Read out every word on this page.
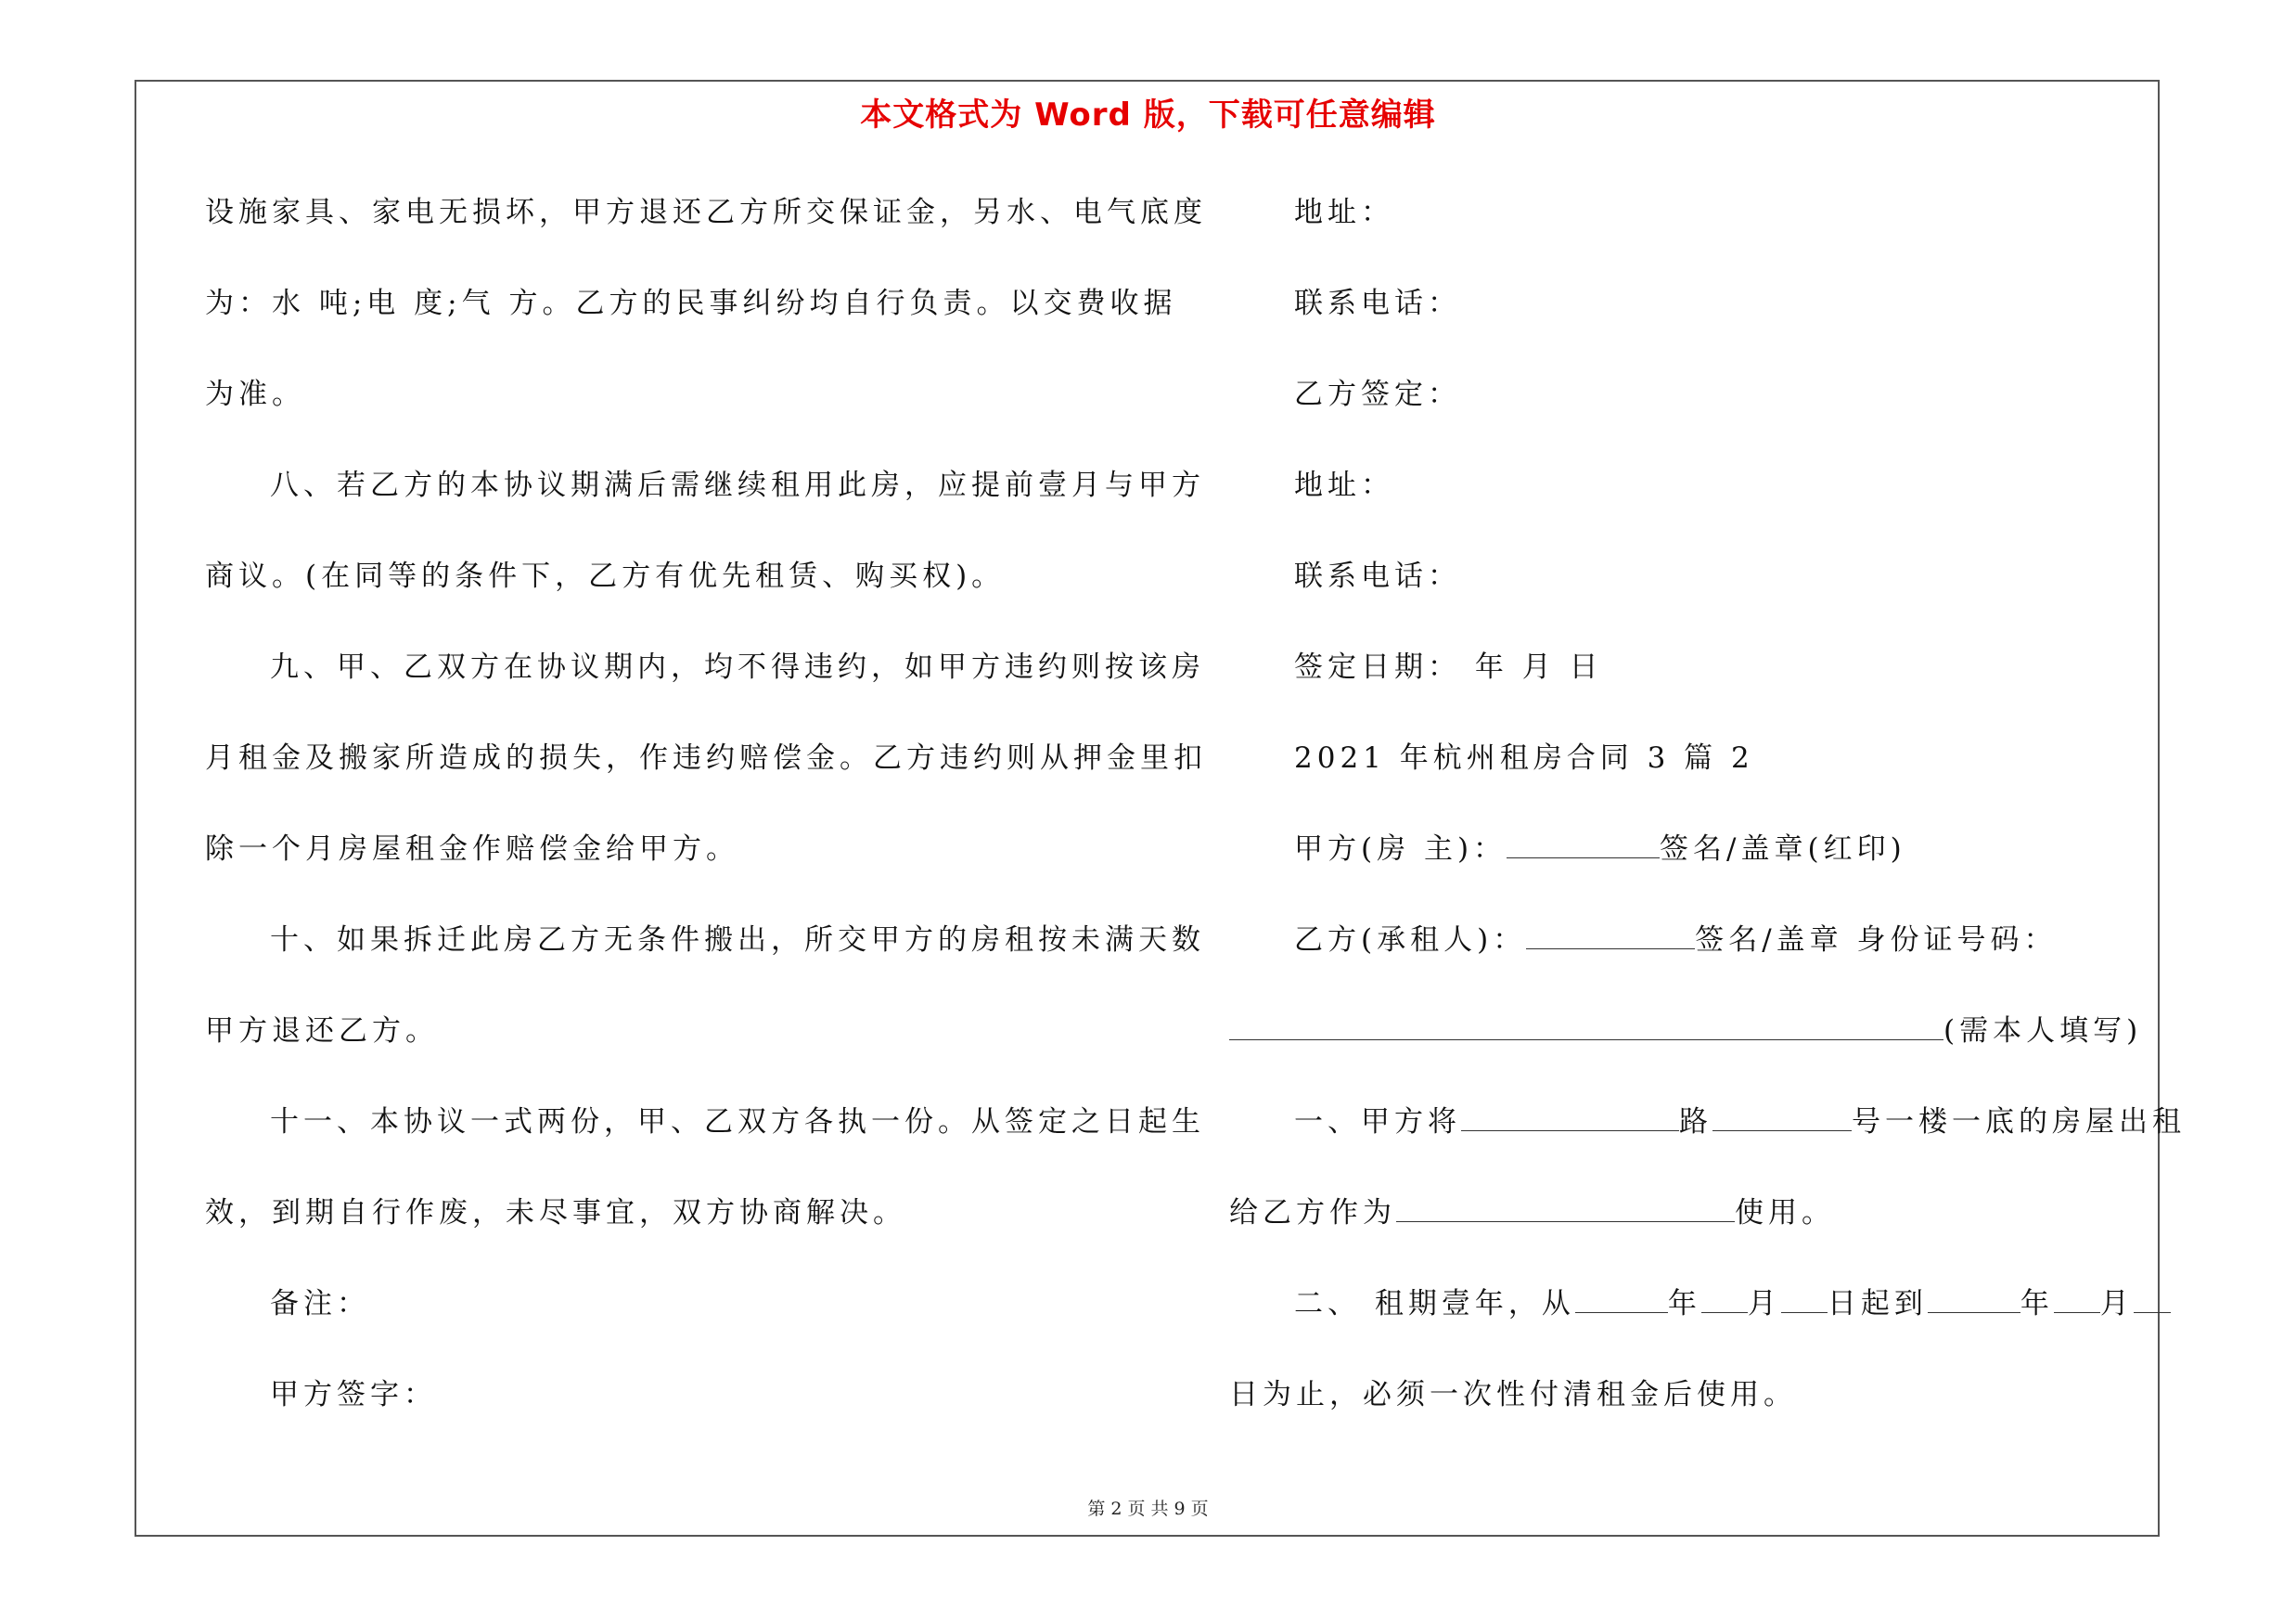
本文格式为 Word 版，下载可任意编辑
设施家具、家电无损坏，甲方退还乙方所交保证金，另水、电气底度
为：水 吨;电 度;气 方。乙方的民事纠纷均自行负责。以交费收据
为准。
八、若乙方的本协议期满后需继续租用此房，应提前壹月与甲方
商议。(在同等的条件下，乙方有优先租赁、购买权)。
九、甲、乙双方在协议期内，均不得违约，如甲方违约则按该房
月租金及搬家所造成的损失，作违约赔偿金。乙方违约则从押金里扣
除一个月房屋租金作赔偿金给甲方。
十、如果拆迁此房乙方无条件搬出，所交甲方的房租按未满天数
甲方退还乙方。
十一、本协议一式两份，甲、乙双方各执一份。从签定之日起生
效，到期自行作废，未尽事宜，双方协商解决。
备注：
甲方签字：
地址：
联系电话：
乙方签定：
地址：
联系电话：
签定日期： 年 月 日
2021 年杭州租房合同 3 篇 2
甲方(房 主)：	签名/盖章(红印)
乙方(承租人)：	签名/盖章 身份证号码：
(需本人填写)
一、甲方将	路	号一楼一底的房屋出租
给乙方作为	使用。
二、 租期壹年，从	年 月 日起到	年 月
日为止，必须一次性付清租金后使用。
第 2 页 共 9 页
